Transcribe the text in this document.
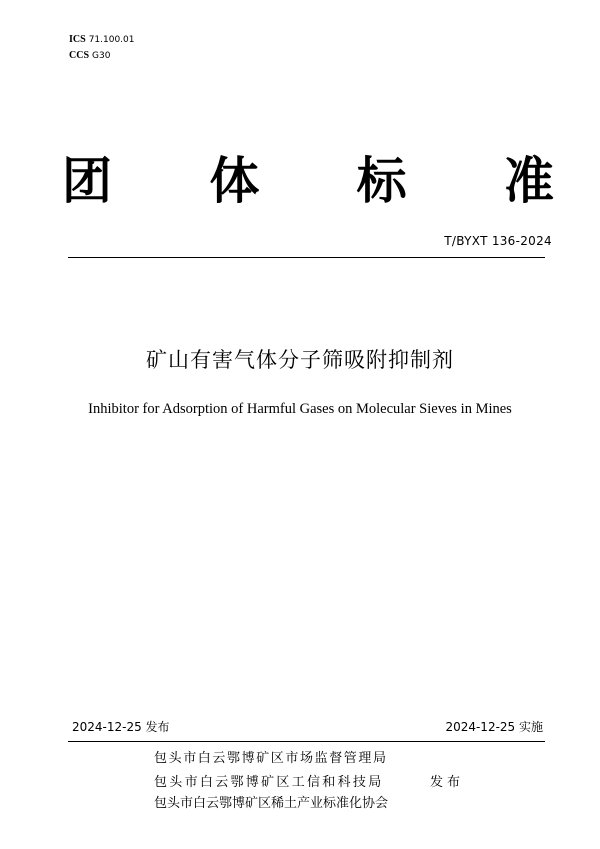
ICS 71.100.01
CCS G30
团 体 标 准
T/BYXT 136-2024
矿山有害气体分子筛吸附抑制剂
Inhibitor for Adsorption of Harmful Gases on Molecular Sieves in Mines
2024-12-25 发布	2024-12-25 实施
包头市白云鄂博矿区市场监督管理局
包头市白云鄂博矿区工信和科技局	发布
包头市白云鄂博矿区稀土产业标准化协会
